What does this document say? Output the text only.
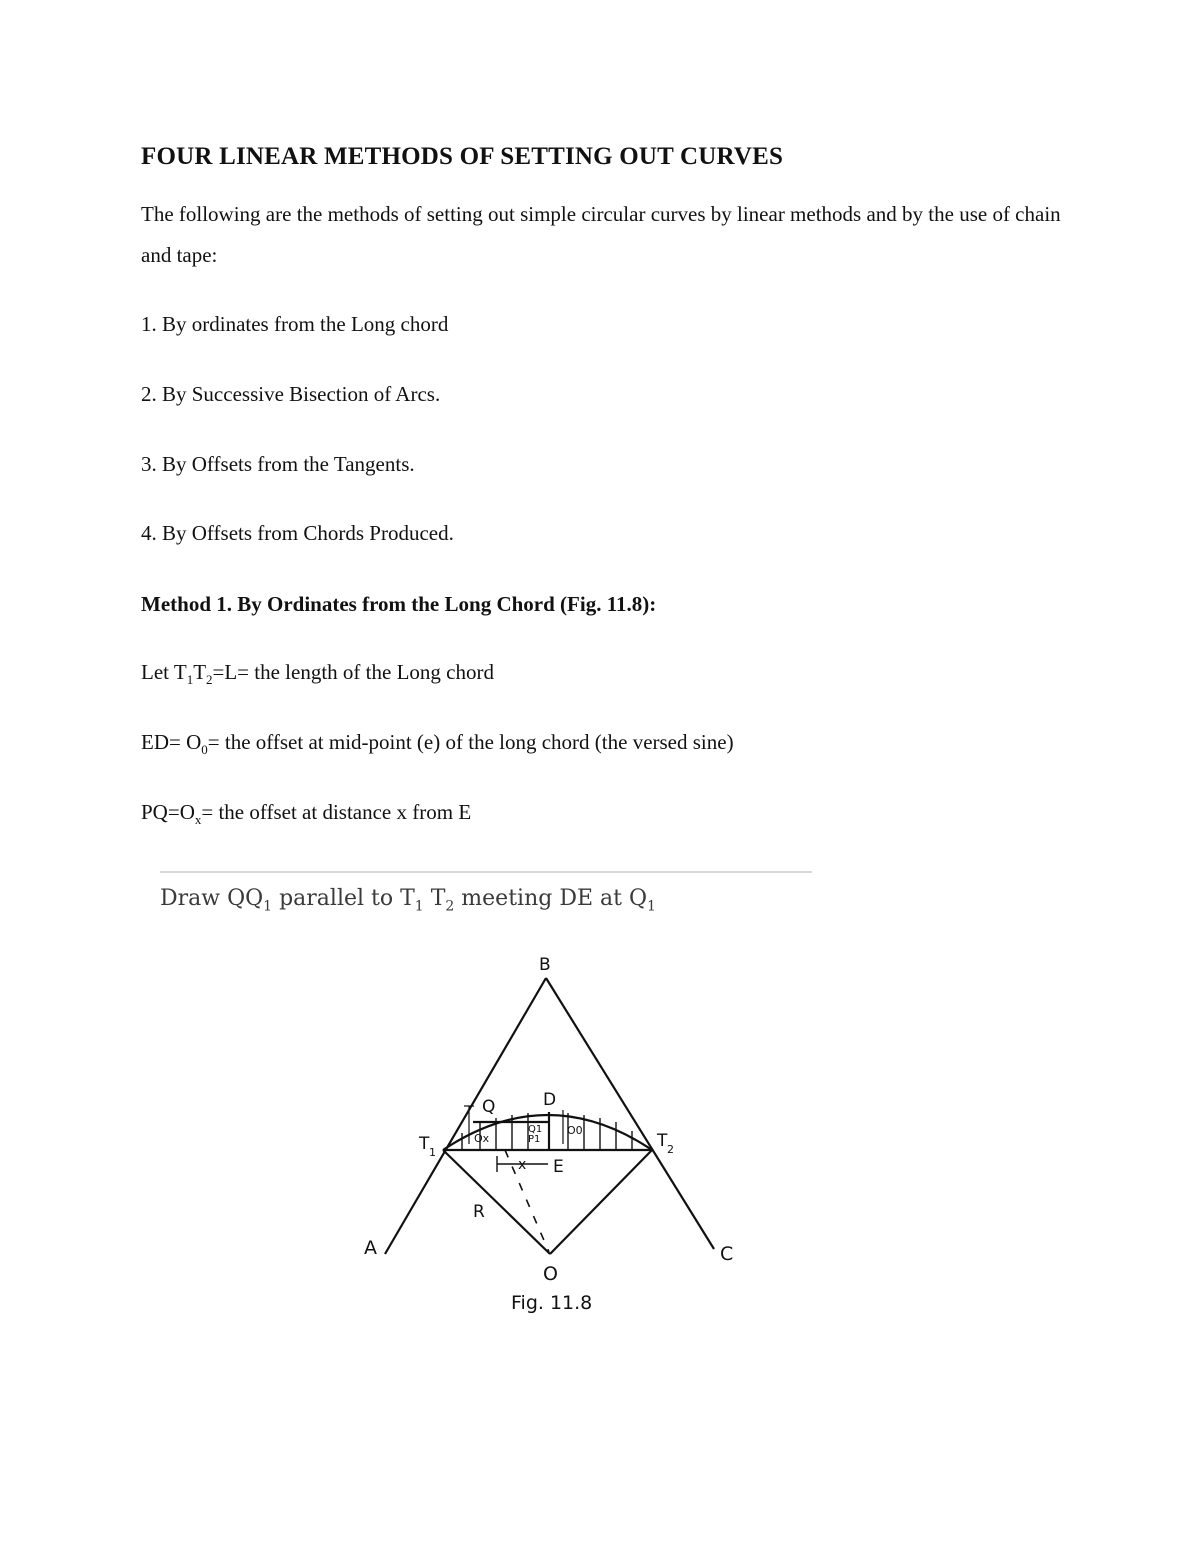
FOUR LINEAR METHODS OF SETTING OUT CURVES
The following are the methods of setting out simple circular curves by linear methods and by the use of chain and tape:
1. By ordinates from the Long chord
2. By Successive Bisection of Arcs.
3. By Offsets from the Tangents.
4. By Offsets from Chords Produced.
Method 1. By Ordinates from the Long Chord (Fig. 11.8):
Let $T_1T_2=L=$ the length of the Long chord
$ED= O_0=$ the offset at mid-point (e) of the long chord (the versed sine)
$PQ=O_x=$ the offset at distance x from E
Draw $QQ_1$ parallel to $T_1$ $T_2$ meeting DE at $Q_1$
B
D
E
O
A	C
R
T 1
T 2
Q
Ox
Q1
P1
O0
x
Fig. 11.8
